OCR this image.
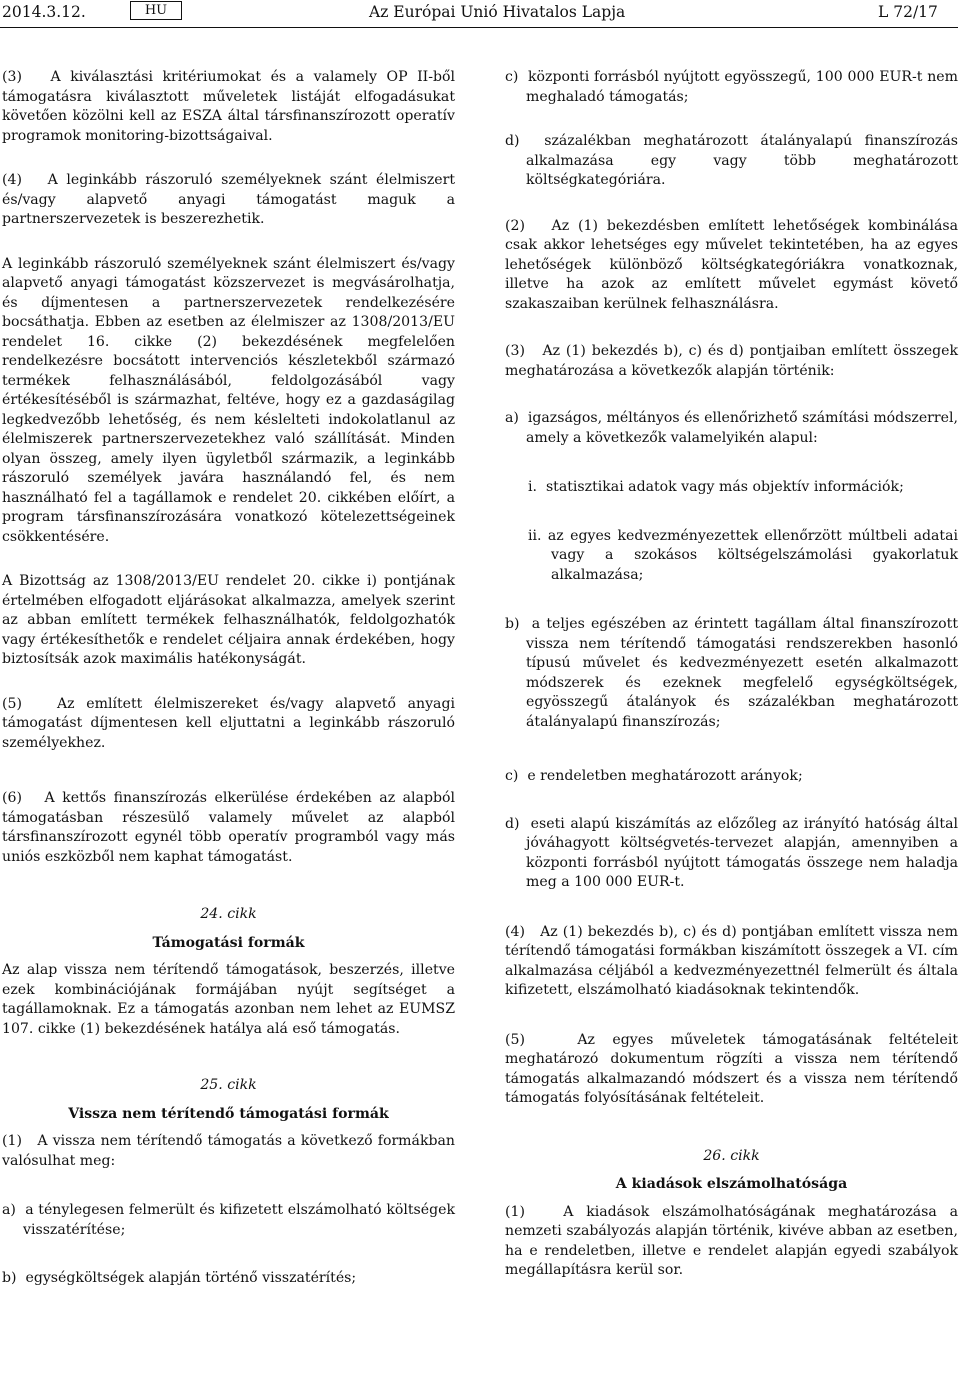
2014.3.12.	HU	Az Európai Unió Hivatalos Lapja	L 72/17

(3)   A kiválasztási kritériumokat és a valamely OP II-ből támogatásra kiválasztott műveletek listáját elfogadásukat követően közölni kell az ESZA által társfinanszírozott operatív programok monitoring-bizottságaival.

(4)   A leginkább rászoruló személyeknek szánt élelmiszert és/vagy alapvető anyagi támogatást maguk a partnerszervezetek is beszerezhetik.

A leginkább rászoruló személyeknek szánt élelmiszert és/vagy alapvető anyagi támogatást közszervezet is megvásárolhatja, és díjmentesen a partnerszervezetek rendelkezésére bocsáthatja. Ebben az esetben az élelmiszer az 1308/2013/EU rendelet 16. cikke (2) bekezdésének megfelelően rendelkezésre bocsátott intervenciós készletekből származó termékek felhasználásából, feldolgozásából vagy értékesítéséből is származhat, feltéve, hogy ez a gazdaságilag legkedvezőbb lehetőség, és nem késlelteti indokolatlanul az élelmiszerek partnerszervezetekhez való szállítását. Minden olyan összeg, amely ilyen ügyletből származik, a leginkább rászoruló személyek javára használandó fel, és nem használható fel a tagállamok e rendelet 20. cikkében előírt, a program társfinanszírozására vonatkozó kötelezettségeinek csökkentésére.

A Bizottság az 1308/2013/EU rendelet 20. cikke i) pontjának értelmében elfogadott eljárásokat alkalmazza, amelyek szerint az abban említett termékek felhasználhatók, feldolgozhatók vagy értékesíthetők e rendelet céljaira annak érdekében, hogy biztosítsák azok maximális hatékonyságát.

(5)   Az említett élelmiszereket és/vagy alapvető anyagi támogatást díjmentesen kell eljuttatni a leginkább rászoruló személyekhez.

(6)   A kettős finanszírozás elkerülése érdekében az alapból támogatásban részesülő valamely művelet az alapból társfinanszírozott egynél több operatív programból vagy más uniós eszközből nem kaphat támogatást.

24. cikk

Támogatási formák

Az alap vissza nem térítendő támogatások, beszerzés, illetve ezek kombinációjának formájában nyújt segítséget a tagállamoknak. Ez a támogatás azonban nem lehet az EUMSZ 107. cikke (1) bekezdésének hatálya alá eső támogatás.

25. cikk

Vissza nem térítendő támogatási formák

(1)   A vissza nem térítendő támogatás a következő formákban valósulhat meg:

a)  a ténylegesen felmerült és kifizetett elszámolható költségek visszatérítése;

b)  egységköltségek alapján történő visszatérítés;

c)  központi forrásból nyújtott egyösszegű, 100 000 EUR-t nem meghaladó támogatás;

d)  százalékban meghatározott átalányalapú finanszírozás alkalmazása egy vagy több meghatározott költségkategóriára.

(2)   Az (1) bekezdésben említett lehetőségek kombinálása csak akkor lehetséges egy művelet tekintetében, ha az egyes lehetőségek különböző költségkategóriákra vonatkoznak, illetve ha azok az említett művelet egymást követő szakaszaiban kerülnek felhasználásra.

(3)   Az (1) bekezdés b), c) és d) pontjaiban említett összegek meghatározása a következők alapján történik:

a)  igazságos, méltányos és ellenőrizhető számítási módszerrel, amely a következők valamelyikén alapul:

i.  statisztikai adatok vagy más objektív információk;

ii. az egyes kedvezményezettek ellenőrzött múltbeli adatai vagy a szokásos költségelszámolási gyakorlatuk alkalmazása;

b)  a teljes egészében az érintett tagállam által finanszírozott vissza nem térítendő támogatási rendszerekben hasonló típusú művelet és kedvezményezett esetén alkalmazott módszerek és ezeknek megfelelő egységköltségek, egyösszegű átalányok és százalékban meghatározott átalányalapú finanszírozás;

c)  e rendeletben meghatározott arányok;

d)  eseti alapú kiszámítás az előzőleg az irányító hatóság által jóváhagyott költségvetés-tervezet alapján, amennyiben a központi forrásból nyújtott támogatás összege nem haladja meg a 100 000 EUR-t.

(4)   Az (1) bekezdés b), c) és d) pontjában említett vissza nem térítendő támogatási formákban kiszámított összegek a VI. cím alkalmazása céljából a kedvezményezettnél felmerült és általa kifizetett, elszámolható kiadásoknak tekintendők.

(5)   Az egyes műveletek támogatásának feltételeit meghatározó dokumentum rögzíti a vissza nem térítendő támogatás alkalmazandó módszert és a vissza nem térítendő támogatás folyósításának feltételeit.

26. cikk

A kiadások elszámolhatósága

(1)   A kiadások elszámolhatóságának meghatározása a nemzeti szabályozás alapján történik, kivéve abban az esetben, ha e rendeletben, illetve e rendelet alapján egyedi szabályok megállapításra kerül sor.
